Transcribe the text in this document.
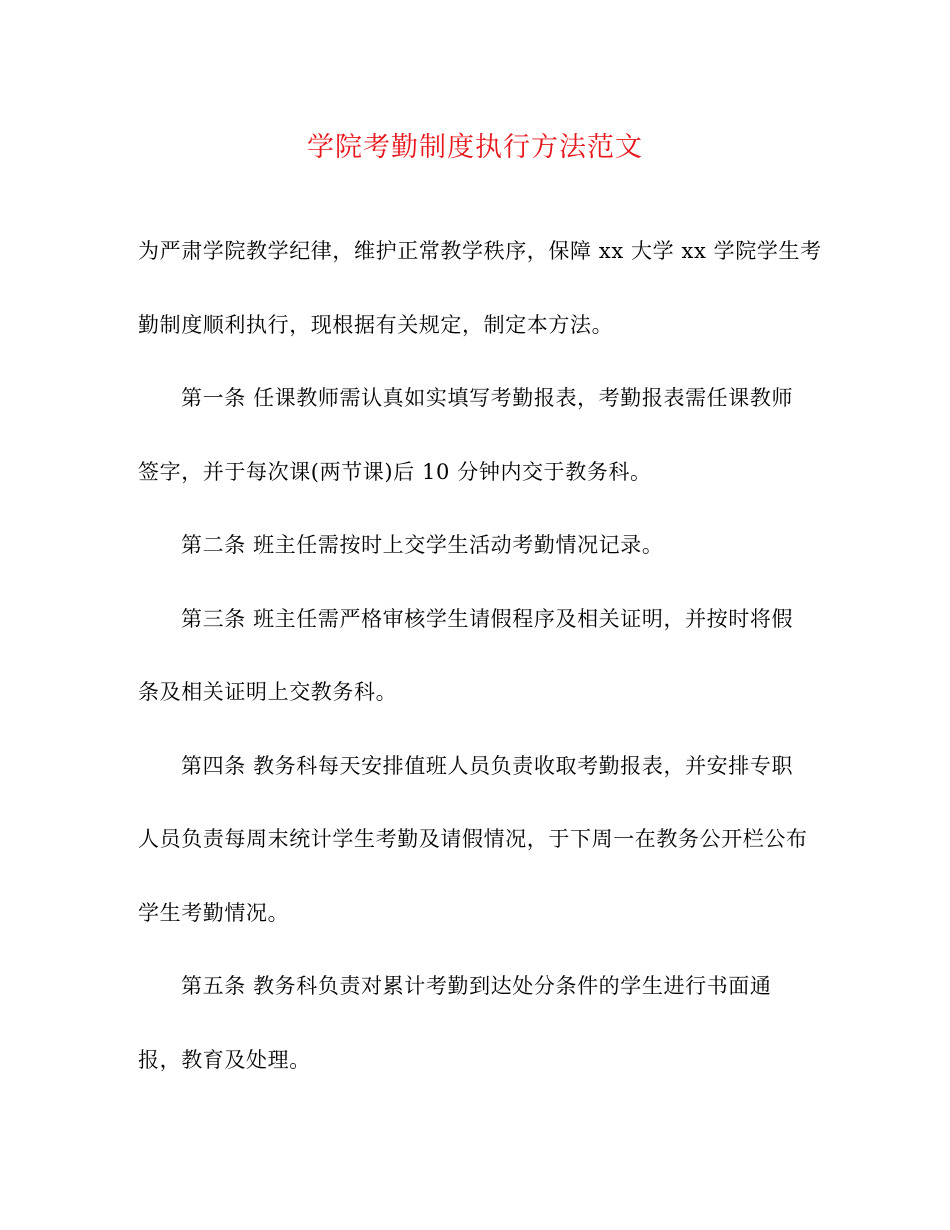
学院考勤制度执行方法范文

为严肃学院教学纪律，维护正常教学秩序，保障 xx 大学 xx 学院学生考
勤制度顺利执行，现根据有关规定，制定本方法。

第一条 任课教师需认真如实填写考勤报表，考勤报表需任课教师
签字，并于每次课(两节课)后 10 分钟内交于教务科。

第二条 班主任需按时上交学生活动考勤情况记录。

第三条 班主任需严格审核学生请假程序及相关证明，并按时将假
条及相关证明上交教务科。

第四条 教务科每天安排值班人员负责收取考勤报表，并安排专职
人员负责每周末统计学生考勤及请假情况，于下周一在教务公开栏公布
学生考勤情况。

第五条 教务科负责对累计考勤到达处分条件的学生进行书面通
报，教育及处理。
